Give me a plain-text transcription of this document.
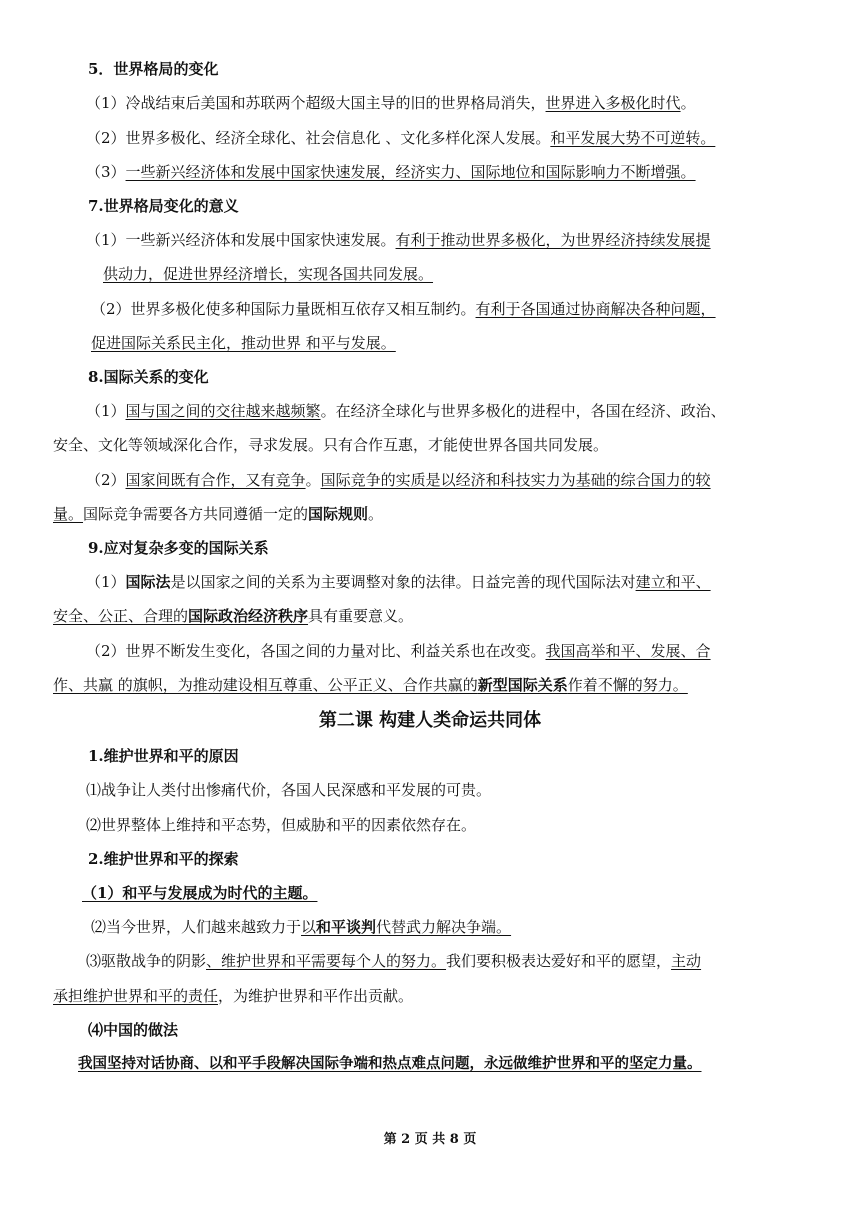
5．世界格局的变化
（1）冷战结束后美国和苏联两个超级大国主导的旧的世界格局消失，世界进入多极化时代。
（2）世界多极化、经济全球化、社会信息化 、文化多样化深人发展。和平发展大势不可逆转。
（3）一些新兴经济体和发展中国家快速发展，经济实力、国际地位和国际影响力不断增强。
7.世界格局变化的意义
（1）一些新兴经济体和发展中国家快速发展。有利于推动世界多极化，为世界经济持续发展提
供动力，促进世界经济增长，实现各国共同发展。
（2）世界多极化使多种国际力量既相互依存又相互制约。有利于各国通过协商解决各种问题，
促进国际关系民主化，推动世界 和平与发展。
8.国际关系的变化
（1）国与国之间的交往越来越频繁。在经济全球化与世界多极化的进程中，各国在经济、政治、
安全、文化等领域深化合作，寻求发展。只有合作互惠，才能使世界各国共同发展。
（2）国家间既有合作，又有竞争。国际竞争的实质是以经济和科技实力为基础的综合国力的较
量。国际竞争需要各方共同遵循一定的国际规则。
9.应对复杂多变的国际关系
（1）国际法是以国家之间的关系为主要调整对象的法律。日益完善的现代国际法对建立和平、
安全、公正、合理的国际政治经济秩序具有重要意义。
（2）世界不断发生变化，各国之间的力量对比、利益关系也在改变。我国高举和平、发展、合
作、共赢 的旗帜，为推动建设相互尊重、公平正义、合作共赢的新型国际关系作着不懈的努力。
第二课 构建人类命运共同体
1.维护世界和平的原因
⑴战争让人类付出惨痛代价，各国人民深感和平发展的可贵。
⑵世界整体上维持和平态势，但威胁和平的因素依然存在。
2.维护世界和平的探索
（1）和平与发展成为时代的主题。
⑵当今世界，人们越来越致力于以和平谈判代替武力解决争端。
⑶驱散战争的阴影、维护世界和平需要每个人的努力。我们要积极表达爱好和平的愿望，主动
承担维护世界和平的责任，为维护世界和平作出贡献。
⑷中国的做法
我国坚持对话协商、以和平手段解决国际争端和热点难点问题，永远做维护世界和平的坚定力量。
第 2 页 共 8 页
